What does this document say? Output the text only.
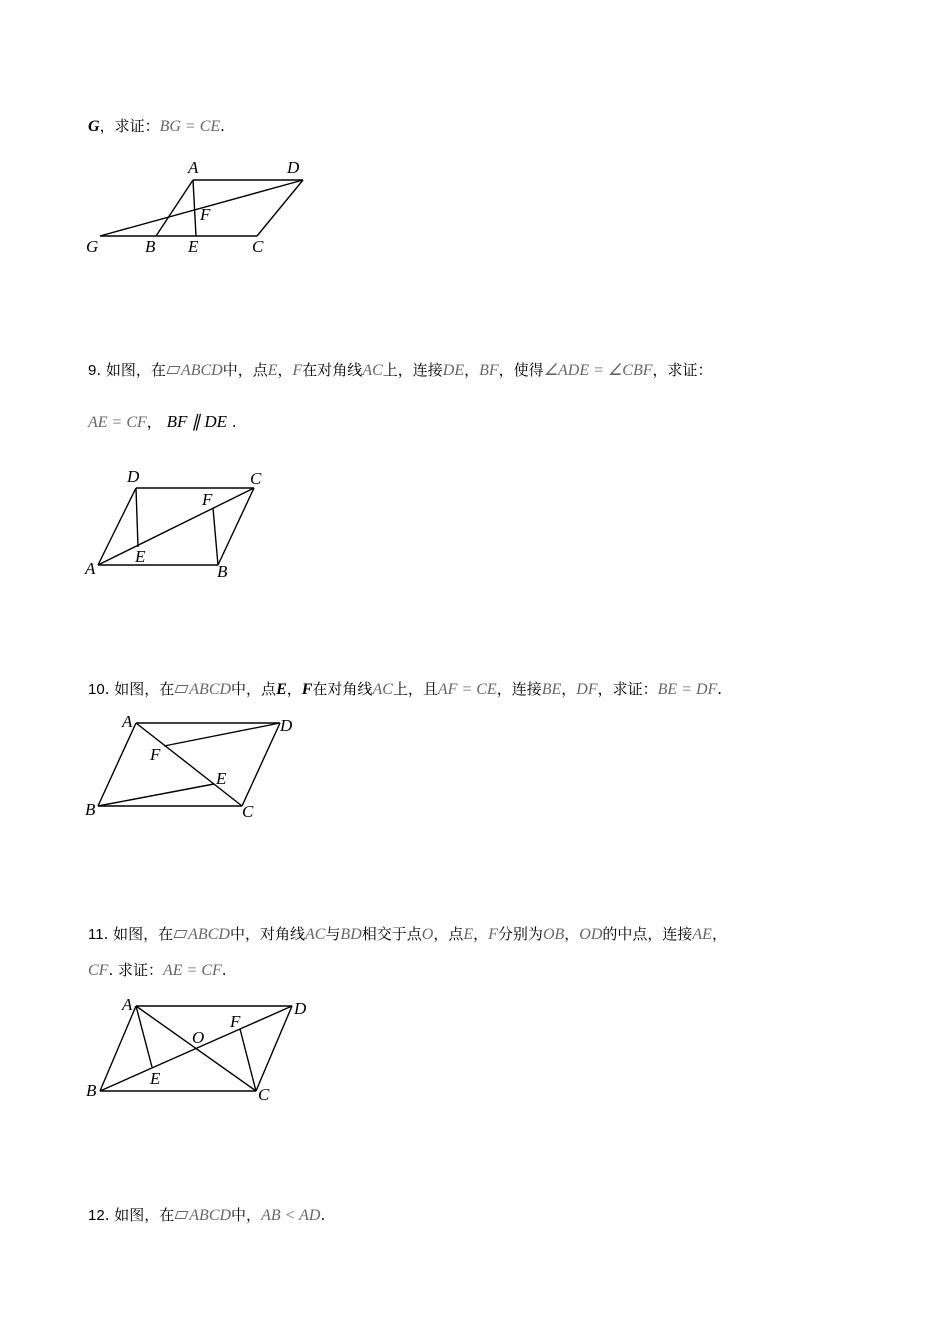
G，求证：BG = CE.
A	D
F
G	B E	C
9. 如图，在 ABCD中，点E，F在对角线AC上，连接DE，BF，使得∠ADE = ∠CBF，求证：
AE = CF， BF ∥ DE .
D	C
F
E
A	B
10. 如图，在 ABCD中，点E，F在对角线AC上，且AF = CE，连接BE，DF，求证：BE = DF.
A	D
F
E
B	C
11. 如图，在 ABCD中，对角线AC与BD相交于点O，点E，F分别为OB，OD的中点，连接AE，
CF. 求证：AE = CF.
A	D
O
F
E
B	C
12. 如图，在 ABCD中，AB < AD.
